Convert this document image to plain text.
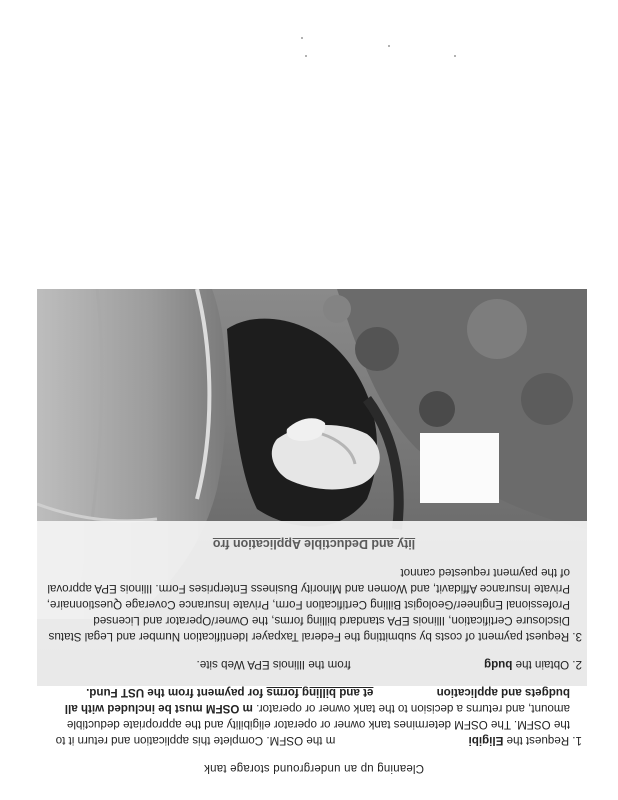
Cleaning up an underground storage tank
1. Request the Eligibi m the OSFM. Complete this application and return it to the OSFM. The OSFM determines tank owner or operator eligibility and the appropriate deductible amount, and returns a decision to the tank owner or operator. m OSFM must be included with all budgets and application et and billing forms for payment from the UST Fund.
2. Obtain the budg from the Illinois EPA Web site.
3. Request payment of costs by submitting the Federal Taxpayer Identification Number and Legal Status Disclosure Certification, Illinois EPA standard billing forms, the Owner/Operator and Licensed Professional Engineer/Geologist Billing Certification Form, Private Insurance Coverage Questionnaire, Private Insurance Affidavit, and Women and Minority Business Enterprises Form. Illinois EPA approval of the payment requested cannot
lity and Deductible Application fro
